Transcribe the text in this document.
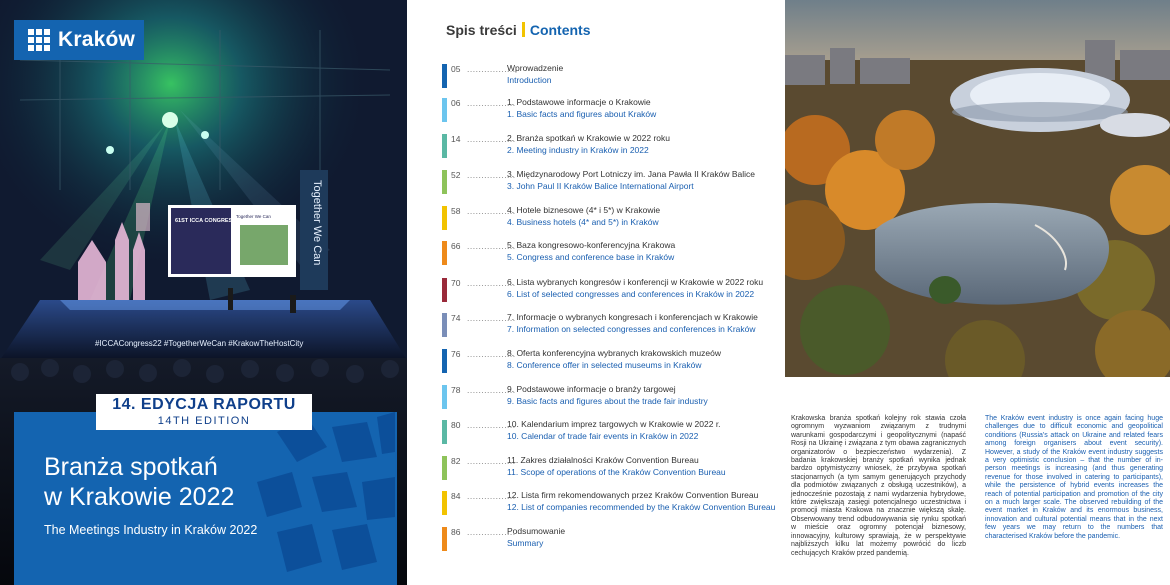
Together We Can
61ST ICCA CONGRESS
Together We Can
#ICCACongress22 #TogetherWeCan #KrakowTheHostCity
Kraków
Branża spotkań
w Krakowie 2022
The Meetings Industry in Kraków 2022
14. EDYCJA RAPORTU
14TH EDITION
Spis treści Contents
05 .................
Wprowadzenie
Introduction
06 .................
1. Podstawowe informacje o Krakowie
1. Basic facts and figures about Kraków
14 .................
2. Branża spotkań w Krakowie w 2022 roku
2. Meeting industry in Kraków in 2022
52 .................
3. Międzynarodowy Port Lotniczy im. Jana Pawła II Kraków Balice
3. John Paul II Kraków Balice International Airport
58 .................
4. Hotele biznesowe (4* i 5*) w Krakowie
4. Business hotels (4* and 5*) in Kraków
66 .................
5. Baza kongresowo-konferencyjna Krakowa
5. Congress and conference base in Kraków
70 .................
6. Lista wybranych kongresów i konferencji w Krakowie w 2022 roku
6. List of selected congresses and conferences in Kraków in 2022
74 .................
7. Informacje o wybranych kongresach i konferencjach w Krakowie
7. Information on selected congresses and conferences in Kraków
76 .................
8. Oferta konferencyjna wybranych krakowskich muzeów
8. Conference offer in selected museums in Kraków
78 .................
9. Podstawowe informacje o branży targowej
9. Basic facts and figures about the trade fair industry
80 .................
10. Kalendarium imprez targowych w Krakowie w 2022 r.
10. Calendar of trade fair events in Kraków in 2022
82 .................
11. Zakres działalności Kraków Convention Bureau
11. Scope of operations of the Kraków Convention Bureau
84 .................
12. Lista firm rekomendowanych przez Kraków Convention Bureau
12. List of companies recommended by the Kraków Convention Bureau
86 .................
Podsumowanie
Summary
Krakowska branża spotkań kolejny rok stawia czoła ogromnym wyzwaniom związanym z trudnymi warunkami gospodarczymi i geopolitycznymi (napaść Rosji na Ukrainę i związana z tym obawa zagranicznych organizatorów o bezpieczeństwo wydarzenia). Z badania krakowskiej branży spotkań wynika jednak bardzo optymistyczny wniosek, że przybywa spotkań stacjonarnych (a tym samym generujących przychody dla podmiotów związanych z obsługą uczestników), a jednocześnie pozostają z nami wydarzenia hybrydowe, które zwiększają zasięgi potencjalnego uczestnictwa i promocji miasta Krakowa na znacznie większą skalę. Obserwowany trend odbudowywania się rynku spotkań w mieście oraz ogromny potencjał biznesowy, innowacyjny, kulturowy sprawiają, że w perspektywie najbliższych kilku lat możemy powrócić do liczb cechujących Kraków przed pandemią.
The Kraków event industry is once again facing huge challenges due to difficult economic and geopolitical conditions (Russia's attack on Ukraine and related fears among foreign organisers about event security). However, a study of the Kraków event industry suggests a very optimistic conclusion – that the number of in-person meetings is increasing (and thus generating revenue for those involved in catering to participants), while the persistence of hybrid events increases the reach of potential participation and promotion of the city on a much larger scale. The observed rebuilding of the event market in Kraków and its enormous business, innovation and cultural potential means that in the next few years we may return to the numbers that characterised Kraków before the pandemic.
